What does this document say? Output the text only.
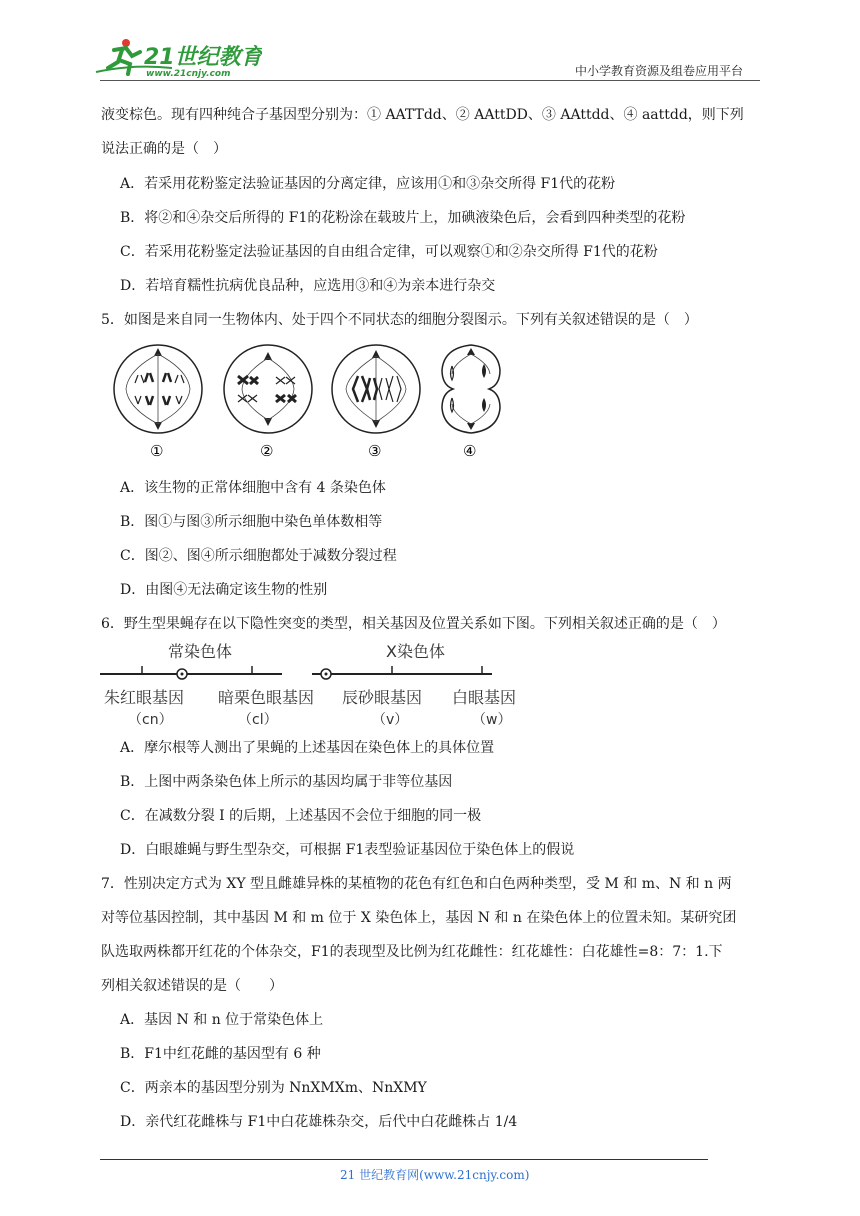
21世纪教育
www.21cnjy.com	中小学教育资源及组卷应用平台
液变棕色。现有四种纯合子基因型分别为：① AATTdd、② AAttDD、③ AAttdd、④ aattdd，则下列
说法正确的是（　）
A．若采用花粉鉴定法验证基因的分离定律，应该用①和③杂交所得 F1代的花粉
B．将②和④杂交后所得的 F1的花粉涂在载玻片上，加碘液染色后，会看到四种类型的花粉
C．若采用花粉鉴定法验证基因的自由组合定律，可以观察①和②杂交所得 F1代的花粉
D．若培育糯性抗病优良品种，应选用③和④为亲本进行杂交
5．如图是来自同一生物体内、处于四个不同状态的细胞分裂图示。下列有关叙述错误的是（　）
①	②	③	④
A．该生物的正常体细胞中含有 4 条染色体
B．图①与图③所示细胞中染色单体数相等
C．图②、图④所示细胞都处于减数分裂过程
D．由图④无法确定该生物的性别
6．野生型果蝇存在以下隐性突变的类型，相关基因及位置关系如下图。下列相关叙述正确的是（　）
常染色体	X染色体
朱红眼基因 暗栗色眼基因 辰砂眼基因 白眼基因
（cn）	（cl）	（v）	（w）
A．摩尔根等人测出了果蝇的上述基因在染色体上的具体位置
B．上图中两条染色体上所示的基因均属于非等位基因
C．在减数分裂 I 的后期，上述基因不会位于细胞的同一极
D．白眼雄蝇与野生型杂交，可根据 F1表型验证基因位于染色体上的假说
7．性别决定方式为 XY 型且雌雄异株的某植物的花色有红色和白色两种类型，受 M 和 m、N 和 n 两
对等位基因控制，其中基因 M 和 m 位于 X 染色体上，基因 N 和 n 在染色体上的位置未知。某研究团
队选取两株都开红花的个体杂交，F1的表现型及比例为红花雌性：红花雄性：白花雄性=8：7：1.下
列相关叙述错误的是（　　）
A．基因 N 和 n 位于常染色体上
B．F1中红花雌的基因型有 6 种
C．两亲本的基因型分别为 NnXMXm、NnXMY
D．亲代红花雌株与 F1中白花雄株杂交，后代中白花雌株占 1/4
21 世纪教育网(www.21cnjy.com)
